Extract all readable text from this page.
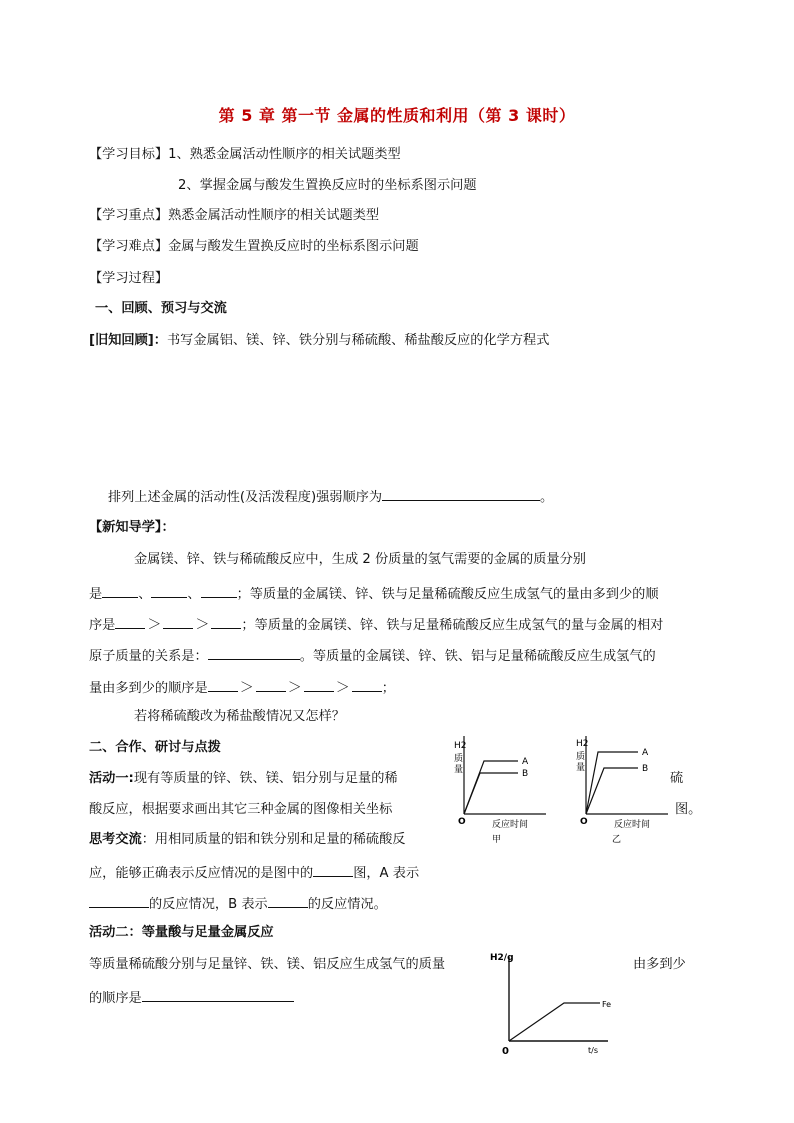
第 5 章 第一节 金属的性质和利用（第 3 课时）
【学习目标】1、熟悉金属活动性顺序的相关试题类型
2、掌握金属与酸发生置换反应时的坐标系图示问题
【学习重点】熟悉金属活动性顺序的相关试题类型
【学习难点】金属与酸发生置换反应时的坐标系图示问题
【学习过程】
一、回顾、预习与交流
[旧知回顾]：书写金属铝、镁、锌、铁分别与稀硫酸、稀盐酸反应的化学方程式
排列上述金属的活动性(及活泼程度)强弱顺序为	。
【新知导学】：
金属镁、锌、铁与稀硫酸反应中，生成 2 份质量的氢气需要的金属的质量分别
是	、	、	；等质量的金属镁、锌、铁与足量稀硫酸反应生成氢气的量由多到少的顺
序是 ＞ ＞ ；等质量的金属镁、锌、铁与足量稀硫酸反应生成氢气的量与金属的相对
原子质量的关系是：	。等质量的金属镁、锌、铁、铝与足量稀硫酸反应生成氢气的
量由多到少的顺序是 ＞ ＞ ＞ ；
若将稀硫酸改为稀盐酸情况又怎样？
二、合作、研讨与点拨
活动一:现有等质量的锌、铁、镁、铝分别与足量的稀	硫
酸反应，根据要求画出其它三种金属的图像相关坐标	图。
思考交流：用相同质量的铝和铁分别和足量的稀硫酸反
应，能够正确表示反应情况的是图中的	图，A 表示
的反应情况，B 表示	的反应情况。
活动二：等量酸与足量金属反应
等质量稀硫酸分别与足量锌、铁、镁、铝反应生成氢气的质量	由多到少
的顺序是
H2
质
量
A
B
O	反应时间
甲
H2
质
量
A
B
O	反应时间
乙
H2/g
Fe
0	t/s
